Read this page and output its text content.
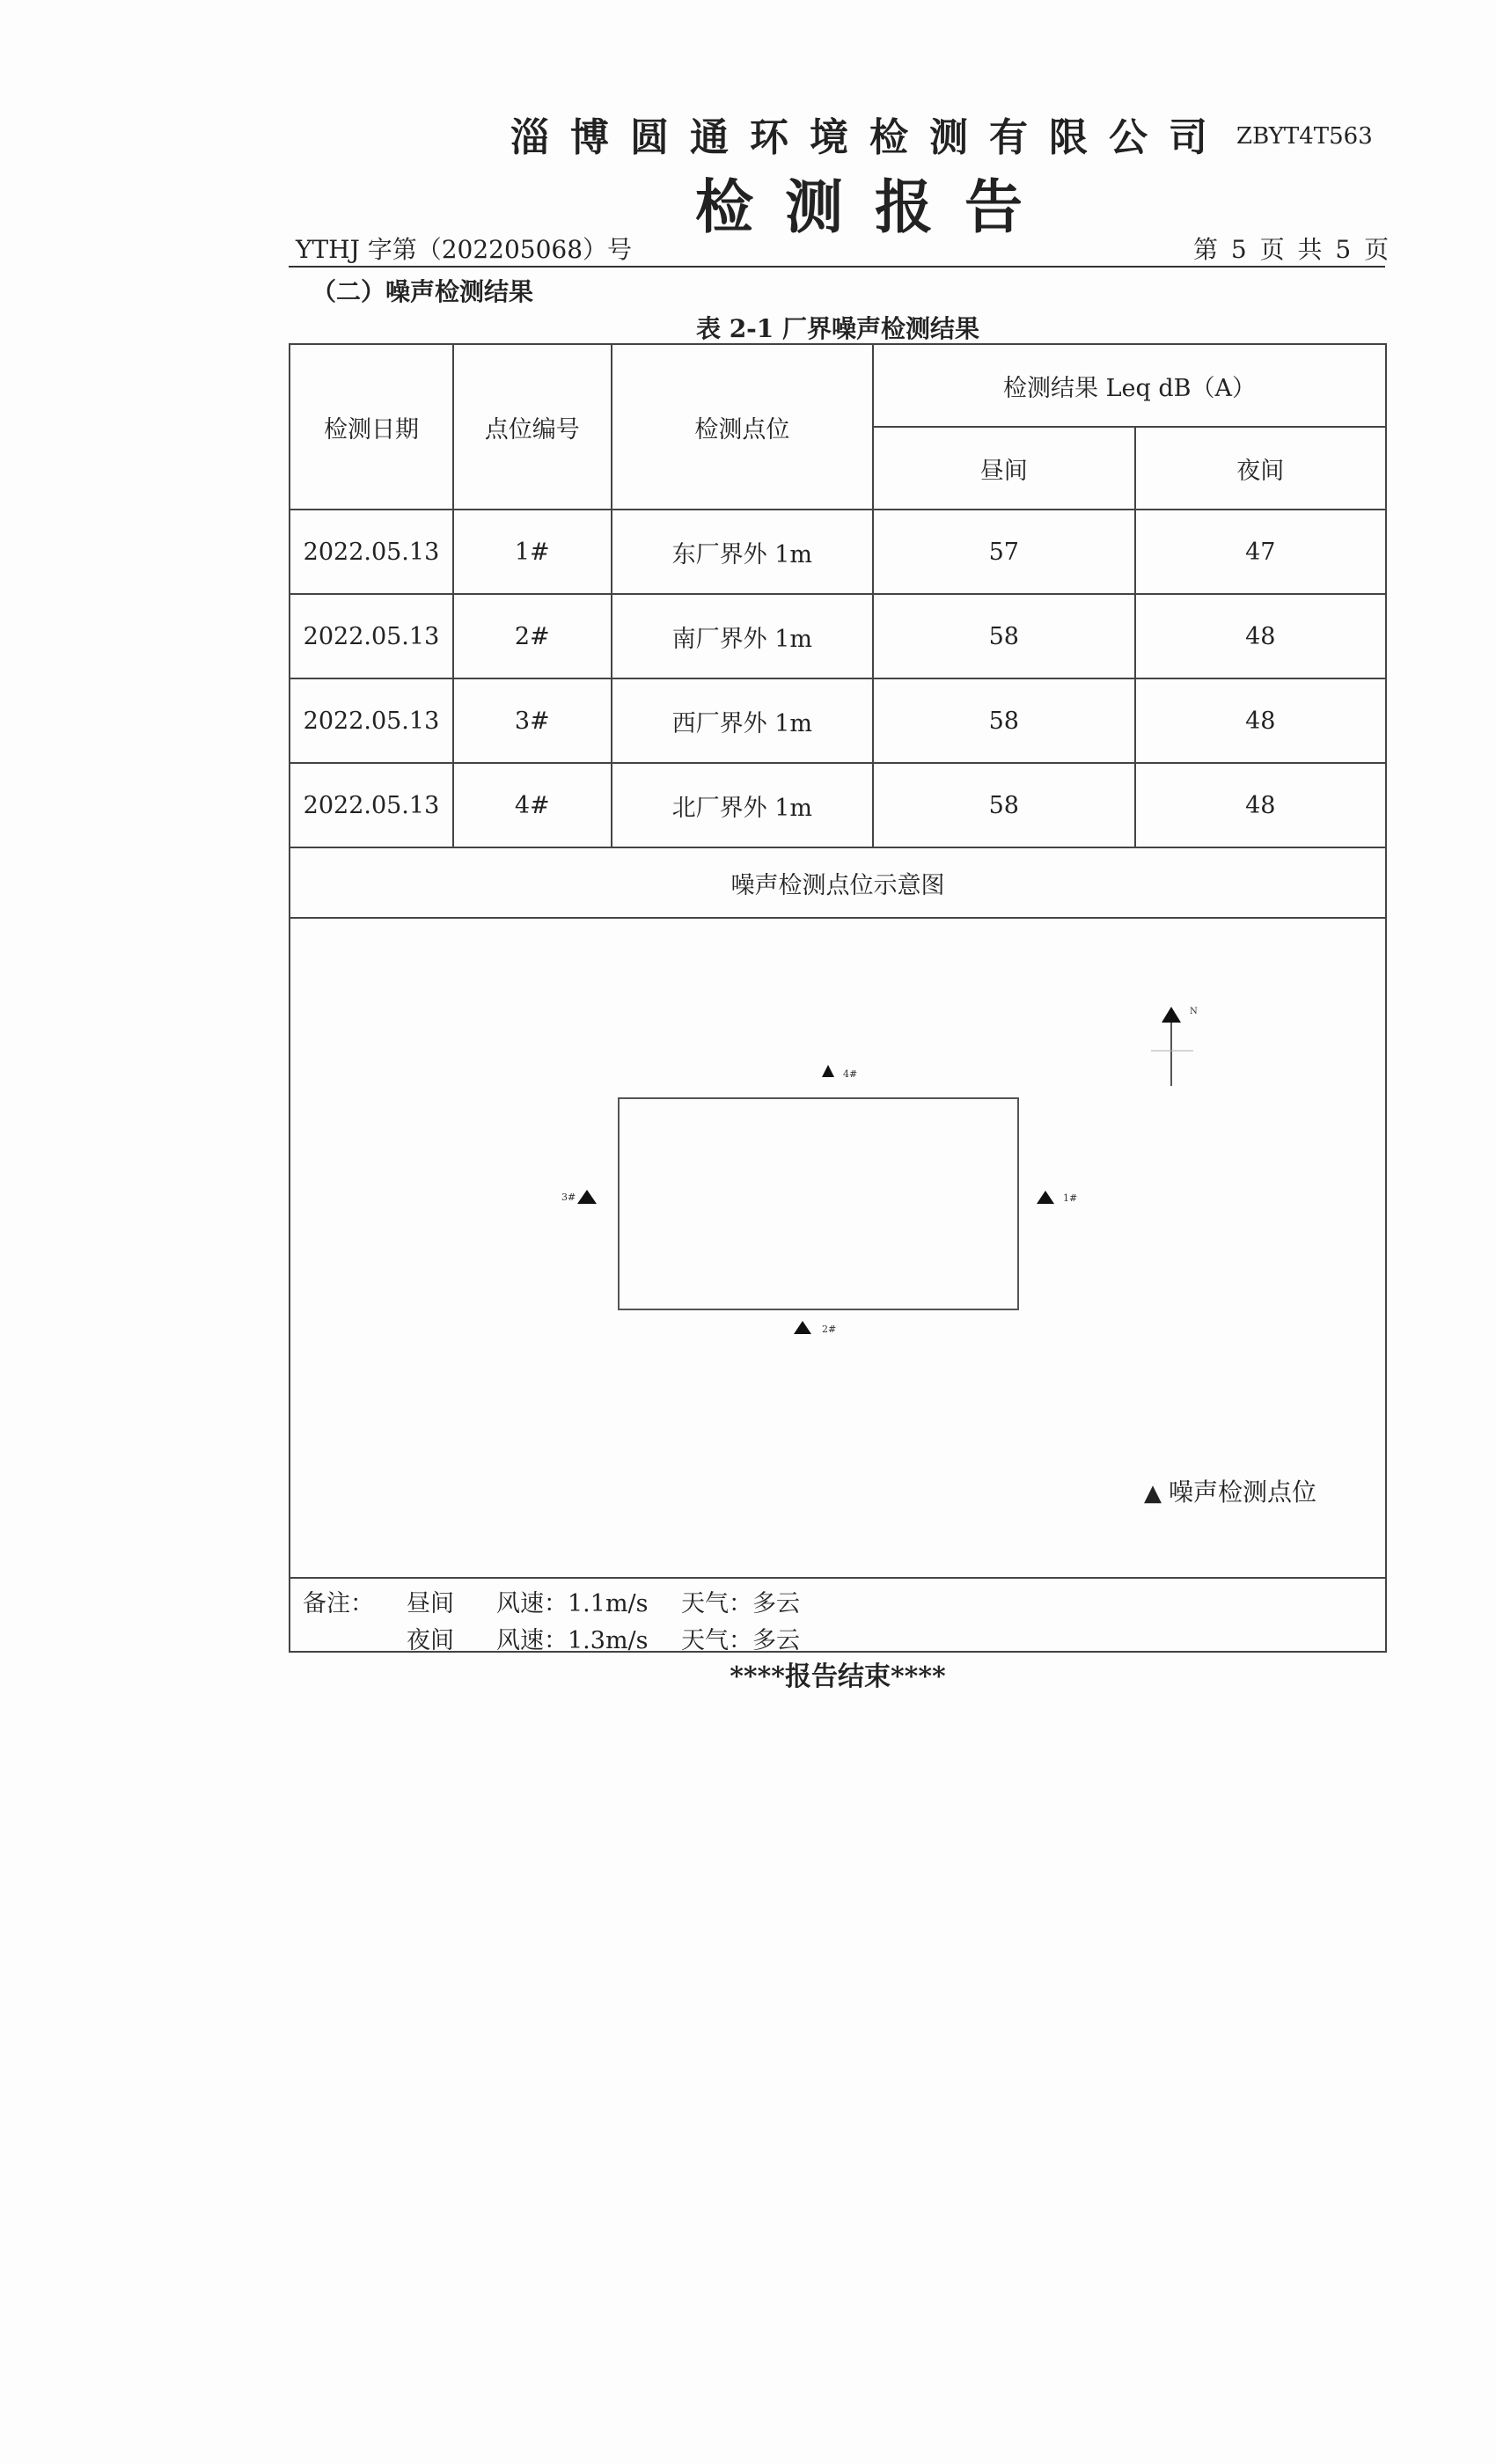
淄博圆通环境检测有限公司 ZBYT4T563
检测报告
YTHJ 字第（202205068）号	第 5 页 共 5 页
（二）噪声检测结果
表 2-1 厂界噪声检测结果
检测日期	点位编号	检测点位	检测结果 Leq dB（A）	
			昼间	夜间
2022.05.13	1#	东厂界外 1m	57	47
2022.05.13	2#	南厂界外 1m	58	48
2022.05.13	3#	西厂界外 1m	58	48
2022.05.13	4#	北厂界外 1m	58	48
噪声检测点位示意图				
4#
3#	1#
2#
N
▲ 噪声检测点位
备注： 昼间 风速：1.1m/s 天气：多云
夜间 风速：1.3m/s 天气：多云
****报告结束****
